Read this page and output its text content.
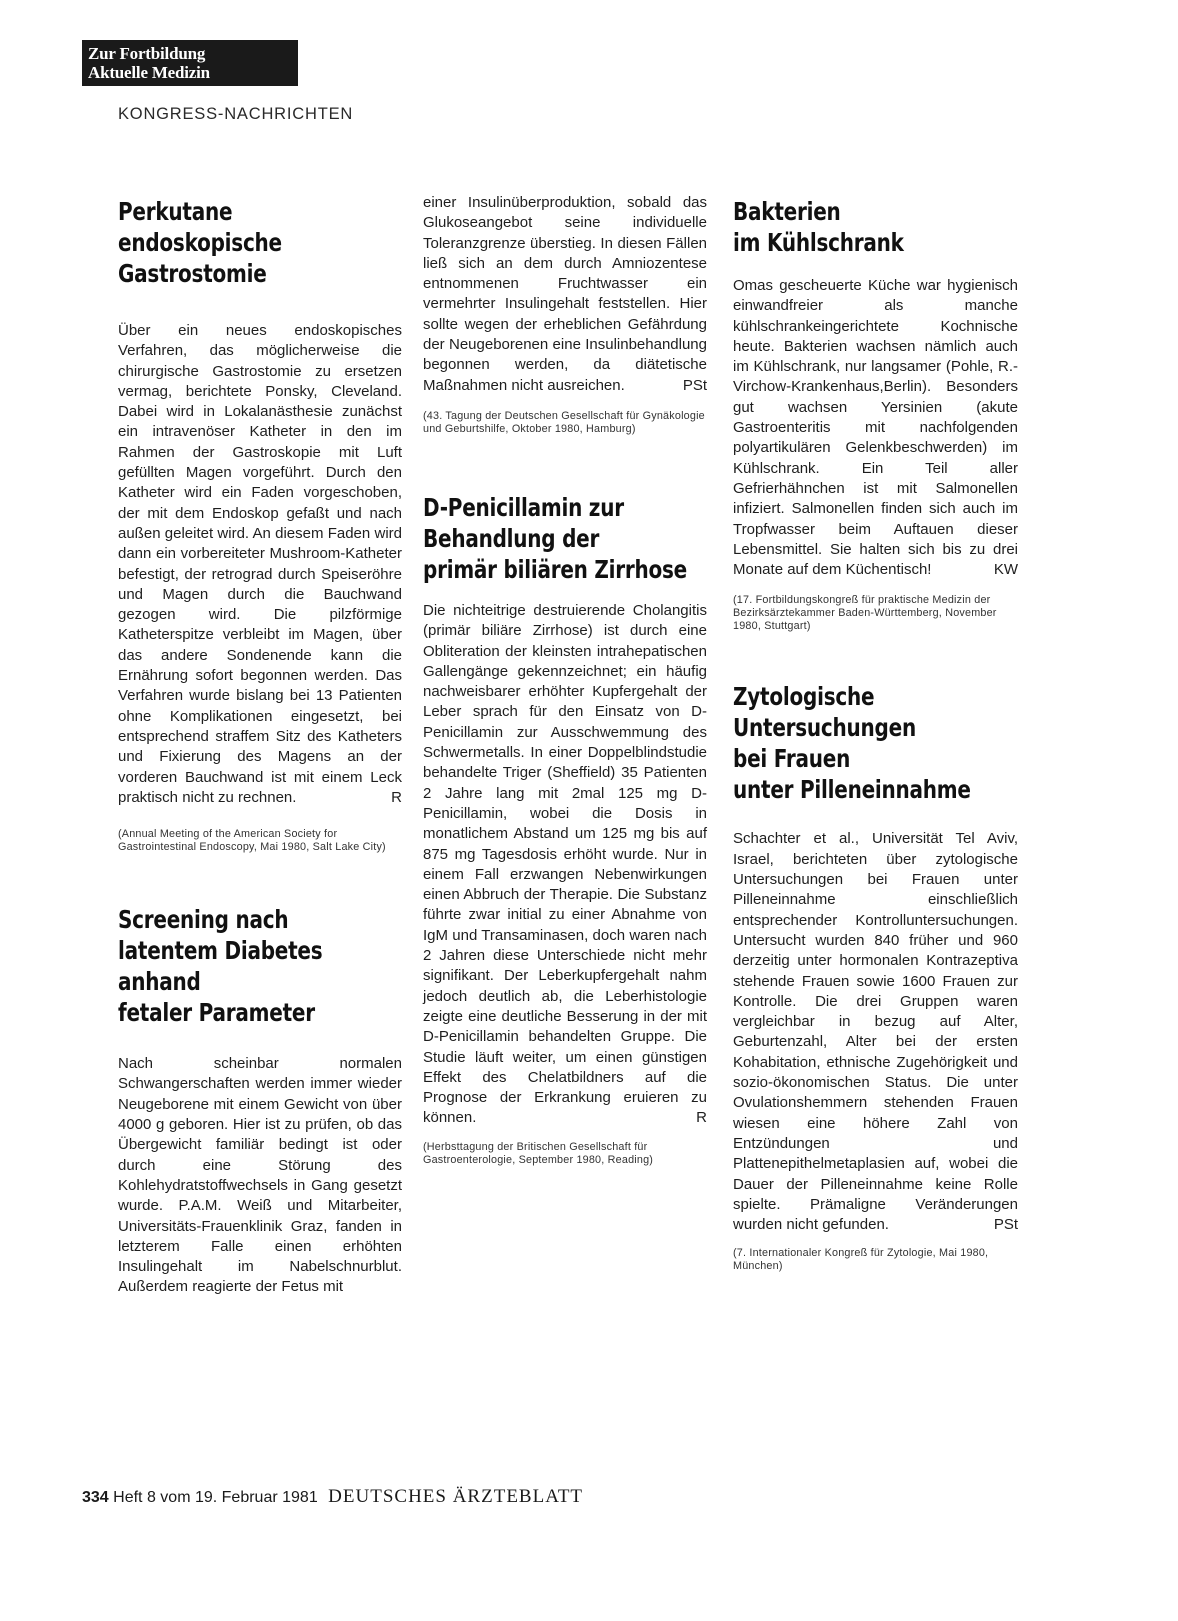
Zur Fortbildung
Aktuelle Medizin
KONGRESS-NACHRICHTEN
Perkutane endoskopische
Gastrostomie

Über ein neues endoskopisches Verfahren, das möglicherweise die chirurgische Gastrostomie zu ersetzen vermag, berichtete Ponsky, Cleveland. Dabei wird in Lokalanästhesie zunächst ein intravenöser Katheter in den im Rahmen der Gastroskopie mit Luft gefüllten Magen vorgeführt. Durch den Katheter wird ein Faden vorgeschoben, der mit dem Endoskop gefaßt und nach außen geleitet wird. An diesem Faden wird dann ein vorbereiteter Mushroom-Katheter befestigt, der retrograd durch Speiseröhre und Magen durch die Bauchwand gezogen wird. Die pilzförmige Katheterspitze verbleibt im Magen, über das andere Sondenende kann die Ernährung sofort begonnen werden. Das Verfahren wurde bislang bei 13 Patienten ohne Komplikationen eingesetzt, bei entsprechend straffem Sitz des Katheters und Fixierung des Magens an der vorderen Bauchwand ist mit einem Leck praktisch nicht zu rechnen.	R

(Annual Meeting of the American Society for Gastrointestinal Endoscopy, Mai 1980, Salt Lake City)

Screening nach
latentem Diabetes
anhand
fetaler Parameter

Nach scheinbar normalen Schwangerschaften werden immer wieder Neugeborene mit einem Gewicht von über 4000 g geboren. Hier ist zu prüfen, ob das Übergewicht familiär bedingt ist oder durch eine Störung des Kohlehydratstoffwechsels in Gang gesetzt wurde. P.A.M. Weiß und Mitarbeiter, Universitäts-Frauenklinik Graz, fanden in letzterem Falle einen erhöhten Insulingehalt im Nabelschnurblut. Außerdem reagierte der Fetus mit

einer Insulinüberproduktion, sobald das Glukoseangebot seine individuelle Toleranzgrenze überstieg. In diesen Fällen ließ sich an dem durch Amniozentese entnommenen Fruchtwasser ein vermehrter Insulingehalt feststellen. Hier sollte wegen der erheblichen Gefährdung der Neugeborenen eine Insulinbehandlung begonnen werden, da diätetische Maßnahmen nicht ausreichen.	PSt

(43. Tagung der Deutschen Gesellschaft für Gynäkologie und Geburtshilfe, Oktober 1980, Hamburg)

D-Penicillamin zur
Behandlung der
primär biliären Zirrhose

Die nichteitrige destruierende Cholangitis (primär biliäre Zirrhose) ist durch eine Obliteration der kleinsten intrahepatischen Gallengänge gekennzeichnet; ein häufig nachweisbarer erhöhter Kupfergehalt der Leber sprach für den Einsatz von D-Penicillamin zur Ausschwemmung des Schwermetalls. In einer Doppelblindstudie behandelte Triger (Sheffield) 35 Patienten 2 Jahre lang mit 2mal 125 mg D-Penicillamin, wobei die Dosis in monatlichem Abstand um 125 mg bis auf 875 mg Tagesdosis erhöht wurde. Nur in einem Fall erzwangen Nebenwirkungen einen Abbruch der Therapie. Die Substanz führte zwar initial zu einer Abnahme von IgM und Transaminasen, doch waren nach 2 Jahren diese Unterschiede nicht mehr signifikant. Der Leberkupfergehalt nahm jedoch deutlich ab, die Leberhistologie zeigte eine deutliche Besserung in der mit D-Penicillamin behandelten Gruppe. Die Studie läuft weiter, um einen günstigen Effekt des Chelatbildners auf die Prognose der Erkrankung eruieren zu können.	R

(Herbsttagung der Britischen Gesellschaft für Gastroenterologie, September 1980, Reading)

Bakterien
im Kühlschrank

Omas gescheuerte Küche war hygienisch einwandfreier als manche kühlschrankeingerichtete Kochnische heute. Bakterien wachsen nämlich auch im Kühlschrank, nur langsamer (Pohle, R.-Virchow-Krankenhaus,Berlin). Besonders gut wachsen Yersinien (akute Gastroenteritis mit nachfolgenden polyartikulären Gelenkbeschwerden) im Kühlschrank. Ein Teil aller Gefrierhähnchen ist mit Salmonellen infiziert. Salmonellen finden sich auch im Tropfwasser beim Auftauen dieser Lebensmittel. Sie halten sich bis zu drei Monate auf dem Küchentisch!	KW

(17. Fortbildungskongreß für praktische Medizin der Bezirksärztekammer Baden-Württemberg, November 1980, Stuttgart)

Zytologische
Untersuchungen
bei Frauen
unter Pilleneinnahme

Schachter et al., Universität Tel Aviv, Israel, berichteten über zytologische Untersuchungen bei Frauen unter Pilleneinnahme einschließlich entsprechender Kontrolluntersuchungen. Untersucht wurden 840 früher und 960 derzeitig unter hormonalen Kontrazeptiva stehende Frauen sowie 1600 Frauen zur Kontrolle. Die drei Gruppen waren vergleichbar in bezug auf Alter, Geburtenzahl, Alter bei der ersten Kohabitation, ethnische Zugehörigkeit und sozio-ökonomischen Status. Die unter Ovulationshemmern stehenden Frauen wiesen eine höhere Zahl von Entzündungen und Plattenepithelmetaplasien auf, wobei die Dauer der Pilleneinnahme keine Rolle spielte. Prämaligne Veränderungen wurden nicht gefunden.	PSt

(7. Internationaler Kongreß für Zytologie, Mai 1980, München)

334 Heft 8 vom 19. Februar 1981 DEUTSCHES ÄRZTEBLATT
